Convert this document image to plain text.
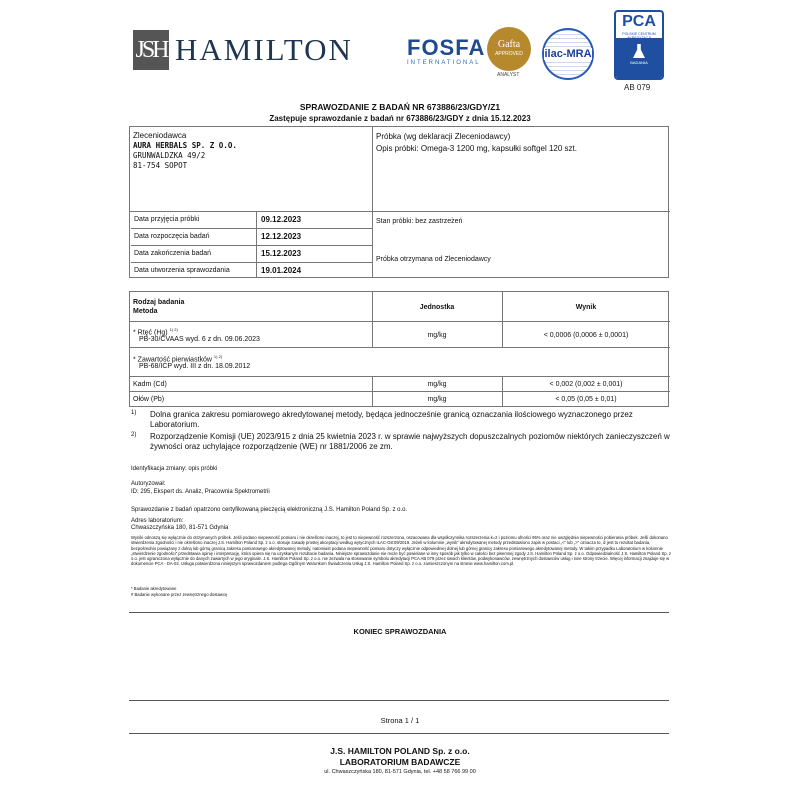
JSH HAMILTON FOSFA
INTERNATIONAL
Gafta
APPROVED
ANALYST
ilac-MRA
PCA
POLSKIE CENTRUM
BADANIA
AB 079
SPRAWOZDANIE Z BADAŃ NR 673886/23/GDY/Z1
Zastępuje sprawozdanie z badań nr 673886/23/GDY z dnia 15.12.2023
Zleceniodawca
AURA HERBALS SP. Z O.O.
GRUNWALDZKA 49/2
81-754 SOPOT
Próbka (wg deklaracji Zleceniodawcy)
Opis próbki: Omega-3 1200 mg, kapsułki softgel 120 szt.
Data przyjęcia próbki	09.12.2023
Data rozpoczęcia badań	12.12.2023
Data zakończenia badań	15.12.2023
Data utworzenia sprawozdania	19.01.2024
Stan próbki: bez zastrzeżeń
Próbka otrzymana od Zleceniodawcy
Rodzaj badania
Metoda
Jednostka	Wynik
* Rtęć (Hg) $^{1) 2)}$
PB-30/CVAAS wyd. 6 z dn. 09.06.2023
mg/kg	< 0,0006 (0,0006 ± 0,0001)
* Zawartość pierwiastków $^{1) 2)}$
PB-68/ICP wyd. III z dn. 18.09.2012
Kadm (Cd)	mg/kg	< 0,002 (0,002 ± 0,001)
Ołów (Pb)	mg/kg	< 0,05 (0,05 ± 0,01)
1) Dolna granica zakresu pomiarowego akredytowanej metody, będąca jednocześnie granicą oznaczania ilościowego wyznaczonego przez Laboratorium.
2) Rozporządzenie Komisji (UE) 2023/915 z dnia 25 kwietnia 2023 r. w sprawie najwyższych dopuszczalnych poziomów niektórych zanieczyszczeń w żywności oraz uchylające rozporządzenie (WE) nr 1881/2006 ze zm.
Identyfikacja zmiany: opis próbki
Autoryzował:
ID: 295, Ekspert ds. Analiz, Pracownia Spektrometrii
Sprawozdanie z badań opatrzono certyfikowaną pieczęcią elektroniczną J.S. Hamilton Poland Sp. z o.o.
Adres laboratorium:
Chwaszczyńska 180, 81-571 Gdynia
Wyniki odnoszą się wyłącznie do otrzymanych próbek. Jeśli podano niepewność pomiaru i nie określono inaczej, to jest to niepewność rozszerzona, oszacowana dla współczynnika rozszerzenia k=2 i poziomu ufności 95% oraz nie uwzględnia niepewności pobierania próbek. Jeśli dokonano stwierdzenia zgodności i nie określono inaczej J.S. Hamilton Poland Sp. z o.o. stosuje zasadę prostej akceptacji według wytycznych ILAC-G8:09/2019. Jeżeli w kolumnie „wynik” akredytowanej metody przedstawiono zapis w postaci „<” lub „>” oznacza to, iż jest to rezultat badania, bezpośrednio powiązany z dolną lub górną granicą zakresu pomiarowego akredytowanej metody, natomiast podana niepewność pomiaru dotyczy wyłącznie odpowiedniej dolnej lub górnej granicy zakresu pomiarowego akredytowanej metody. W takim przypadku Laboratorium w kolumnie „stwierdzenie zgodności” przedstawia opinię i interpretację, która opiera się na uzyskanym rezultacie badania. Niniejsze sprawozdanie nie może być powielane w inny sposób jak tylko w całości bez pisemnej zgody J.S. Hamilton Poland Sp. z o.o. Odpowiedzialność J.S. Hamilton Poland Sp. z o.o. jest ograniczona wyłącznie do danych zawartych w jego oryginale. J.S. Hamilton Poland Sp. z o.o. nie zezwala na stosowanie symbolu akredytacji PCA AB 079 przez swoich klientów, podwykonawców, zewnętrznych dostawców usług i inne strony trzecie. Więcej informacji znajduje się w dokumencie PCA - DA-02. Usługa potwierdzona niniejszym sprawozdaniem podlega Ogólnym Warunkom Świadczenia Usług J.S. Hamilton Poland Sp. z o.o. zamieszczonym na stronie www.hamilton.com.pl.
* Badanie akredytowane
# Badanie wykonane przez zewnętrznego dostawcę
KONIEC SPRAWOZDANIA
Strona 1 / 1
J.S. HAMILTON POLAND Sp. z o.o.
LABORATORIUM BADAWCZE
ul. Chwaszczyńska 180, 81-571 Gdynia, tel. +48 58 766 99 00
